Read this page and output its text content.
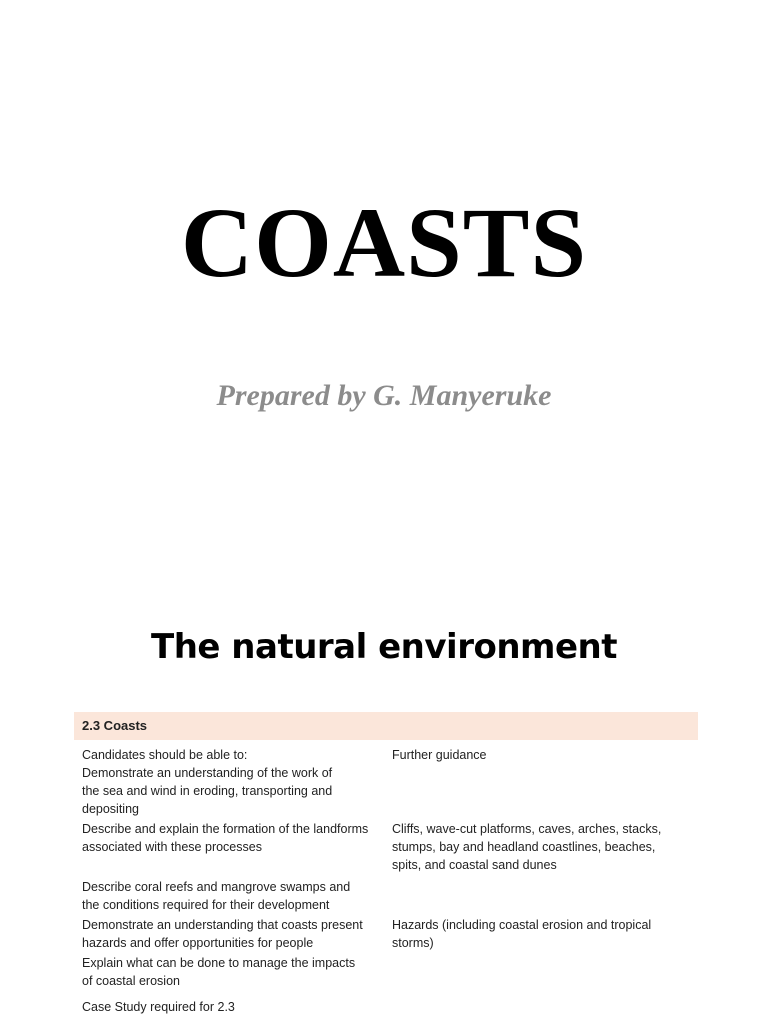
COASTS

Prepared by G. Manyeruke

The natural environment
2.3 Coasts
Candidates should be able to:	Further guidance
Demonstrate an understanding of the work of
the sea and wind in eroding, transporting and
depositing
Describe and explain the formation of the landforms
associated with these processes
Cliffs, wave-cut platforms, caves, arches, stacks,
stumps, bay and headland coastlines, beaches,
spits, and coastal sand dunes
Describe coral reefs and mangrove swamps and
the conditions required for their development
Demonstrate an understanding that coasts present
hazards and offer opportunities for people
Hazards (including coastal erosion and tropical
storms)
Explain what can be done to manage the impacts
of coastal erosion
Case Study required for 2.3
